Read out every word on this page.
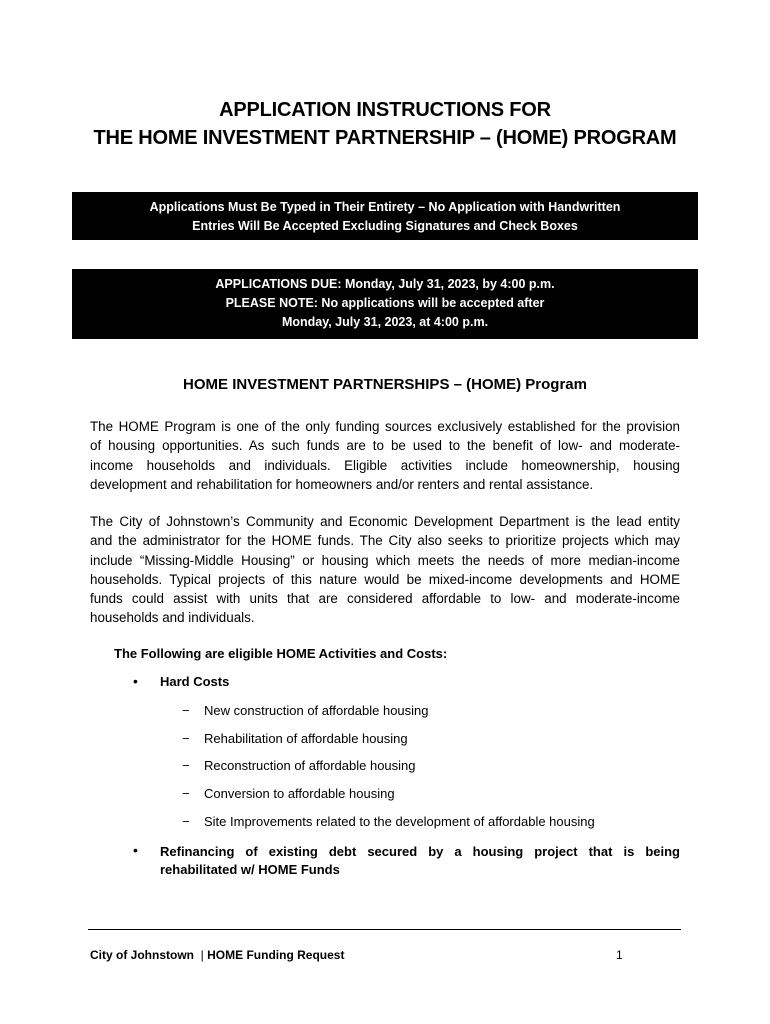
APPLICATION INSTRUCTIONS FOR
THE HOME INVESTMENT PARTNERSHIP – (HOME) PROGRAM
Applications Must Be Typed in Their Entirety – No Application with Handwritten
Entries Will Be Accepted Excluding Signatures and Check Boxes
APPLICATIONS DUE: Monday, July 31, 2023, by 4:00 p.m.
PLEASE NOTE: No applications will be accepted after
Monday, July 31, 2023, at 4:00 p.m.
HOME INVESTMENT PARTNERSHIPS – (HOME) Program
The HOME Program is one of the only funding sources exclusively established for the provision
of housing opportunities. As such funds are to be used to the benefit of low- and moderate-
income households and individuals. Eligible activities include homeownership, housing
development and rehabilitation for homeowners and/or renters and rental assistance.
The City of Johnstown’s Community and Economic Development Department is the lead entity
and the administrator for the HOME funds. The City also seeks to prioritize projects which may
include “Missing-Middle Housing” or housing which meets the needs of more median-income
households. Typical projects of this nature would be mixed-income developments and HOME
funds could assist with units that are considered affordable to low- and moderate-income
households and individuals.
The Following are eligible HOME Activities and Costs:
• Hard Costs
− New construction of affordable housing
− Rehabilitation of affordable housing
− Reconstruction of affordable housing
− Conversion to affordable housing
− Site Improvements related to the development of affordable housing
• Refinancing of existing debt secured by a housing project that is being
rehabilitated w/ HOME Funds
City of Johnstown | HOME Funding Request	1
